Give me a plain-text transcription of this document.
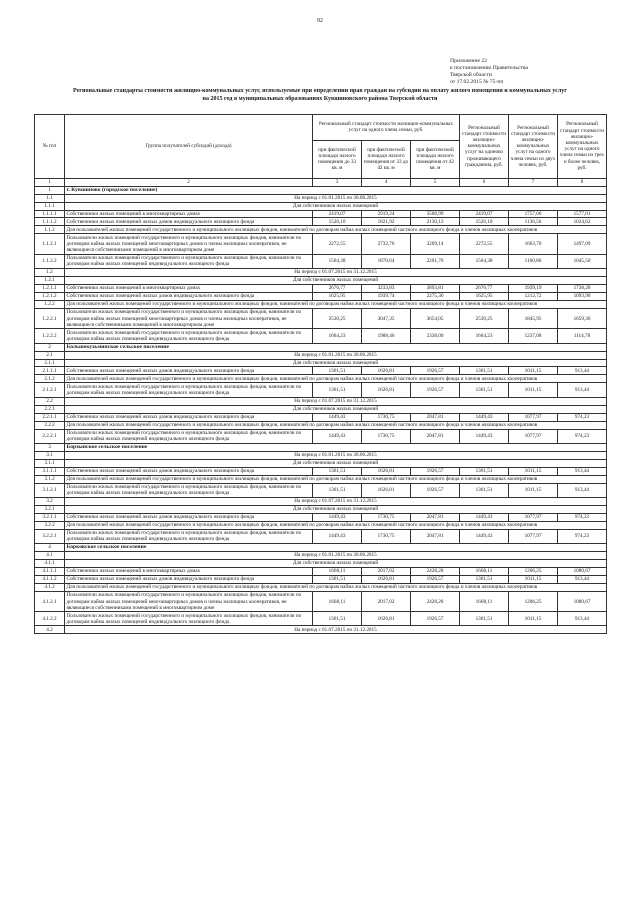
92
Приложение 22
к постановлению Правительства
Тверской области
от 17.02.2015 № 75-пп
Региональные стандарты стоимости жилищно-коммунальных услуг, используемые при определении прав граждан на субсидии на оплату жилого помещения и коммунальных услуг
на 2015 год в муниципальных образованиях Кувшиновского района Тверской области
№ п/п	Группа получателей субсидий (дохода)	Региональный стандарт стоимости жилищно-коммунальных услуг на одного члена семьи, руб.			Региональный стандарт стоимости жилищно-коммунальных услуг на одиноко проживающего гражданина, руб.	Региональный стандарт стоимости жилищно-коммунальных услуг на одного члена семьи из двух человек, руб.	Региональный стандарт стоимости жилищно-коммунальных услуг на одного члена семьи из трех и более человек, руб.
		при фактической площади жилого помещения до 33 кв. м	при фактической площади жилого помещения от 33 до 42 кв. м	при фактической площади жилого помещения от 42 кв. м			
1	2	3	4	5	6	7	8
1	г. Кувшиново (городское поселение)						
1.1	На период с 01.01.2015 по 30.06.2015						
1.1.1	Для собственников жилых помещений						
1.1.1.1	Собственники жилых помещений в многоквартирных домах	2419,07	2919,24	3508,99	2419,07	1757,00	1577,01
1.1.1.2	Собственники жилых помещений жилых домов индивидуального жилищного фонда	1526,10	1821,92	2130,12	1526,10	1136,50	1024,62
1.1.2	Для пользователей жилых помещений государственного и муниципального жилищных фондов, нанимателей по договорам найма жилых помещений частного жилищного фонда и членов жилищных кооперативов						
1.1.2.1	Пользователи жилых помещений государственного и муниципального жилищных фондов, наниматели по договорам найма жилых помещений многоквартирных домов и члены жилищных кооперативов, не являющиеся собственниками помещений в многоквартирном доме	2272,55	2732,76	3269,14	2272,55	1663,70	1497,09
1.1.2.2	Пользователи жилых помещений государственного и муниципального жилищных фондов, наниматели по договорам найма жилых помещений индивидуального жилищного фонда	1564,38	1870,64	2201,76	1564,38	1160,86	1045,50
1.2	На период с 01.07.2015 по 31.12.2015						
1.2.1	Для собственников жилых помещений						
1.2.1.1	Собственники жилых помещений в многоквартирных домах	2676,77	3233,83	3893,81	2676,77	1939,19	1738,28
1.2.1.2	Собственники жилых помещений жилых домов индивидуального жилищного фонда	1625,95	1939,74	2275,36	1625,95	1212,72	1093,90
1.2.2	Для пользователей жилых помещений государственного и муниципального жилищных фондов, нанимателей по договорам найма жилых помещений частного жилищного фонда и членов жилищных кооперативов						
1.2.2.1	Пользователи жилых помещений государственного и муниципального жилищных фондов, наниматели по договорам найма жилых помещений многоквартирных домов и члены жилищных кооперативов, не являющиеся собственниками помещений в многоквартирном доме	2530,25	3047,35	3654,05	2530,25	1845,95	1659,36
1.2.2.2	Пользователи жилых помещений государственного и муниципального жилищных фондов, наниматели по договорам найма жилых помещений индивидуального жилищного фонда	1664,23	1988,46	2338,00	1664,23	1237,08	1114,78
2	Большекузьминское сельское поселение						
2.1	На период с 01.01.2015 по 30.06.2015						
2.1.1	Для собственников жилых помещений						
2.1.1.1	Собственники жилых помещений жилых домов индивидуального жилищного фонда	1361,51	1626,81	1926,57	1361,51	1011,15	913,44
2.1.2	Для пользователей жилых помещений государственного и муниципального жилищных фондов, нанимателей по договорам найма жилых помещений частного жилищного фонда и членов жилищных кооперативов						
2.1.2.1	Пользователи жилых помещений государственного и муниципального жилищных фондов, наниматели по договорам найма жилых помещений индивидуального жилищного фонда	1361,51	1626,81	1926,57	1361,51	1011,15	913,44
2.2	На период с 01.07.2015 по 31.12.2015						
2.2.1	Для собственников жилых помещений						
2.2.1.1	Собственники жилых помещений жилых домов индивидуального жилищного фонда	1449,43	1730,75	2047,81	1449,43	1077,97	974,23
2.2.2	Для пользователей жилых помещений государственного и муниципального жилищных фондов, нанимателей по договорам найма жилых помещений частного жилищного фонда и членов жилищных кооперативов						
2.2.2.1	Пользователи жилых помещений государственного и муниципального жилищных фондов, наниматели по договорам найма жилых помещений индивидуального жилищного фонда	1449,43	1730,75	2047,81	1449,43	1077,97	974,23
3	Борзынское сельское поселение						
3.1	На период с 01.01.2015 по 30.06.2015						
3.1.1	Для собственников жилых помещений						
3.1.1.1	Собственники жилых помещений жилых домов индивидуального жилищного фонда	1361,51	1626,81	1926,57	1361,51	1011,15	913,44
3.1.2	Для пользователей жилых помещений государственного и муниципального жилищных фондов, нанимателей по договорам найма жилых помещений частного жилищного фонда и членов жилищных кооперативов						
3.1.2.1	Пользователи жилых помещений государственного и муниципального жилищных фондов, наниматели по договорам найма жилых помещений индивидуального жилищного фонда	1361,51	1626,81	1926,57	1361,51	1011,15	913,44
3.2	На период с 01.07.2015 по 31.12.2015						
3.2.1	Для собственников жилых помещений						
3.2.1.1	Собственники жилых помещений жилых домов индивидуального жилищного фонда	1449,43	1730,75	2047,81	1449,43	1077,97	974,23
3.2.2	Для пользователей жилых помещений государственного и муниципального жилищных фондов, нанимателей по договорам найма жилых помещений частного жилищного фонда и членов жилищных кооперативов						
3.2.2.1	Пользователи жилых помещений государственного и муниципального жилищных фондов, наниматели по договорам найма жилых помещений индивидуального жилищного фонда	1449,43	1730,75	2047,81	1449,43	1077,97	974,23
4	Борковское сельское поселение						
4.1	На период с 01.01.2015 по 30.06.2015						
4.1.1	Для собственников жилых помещений						
4.1.1.1	Собственники жилых помещений в многоквартирных домах	1668,11	2017,02	2428,28	1668,11	1206,25	1080,67
4.1.1.2	Собственники жилых помещений жилых домов индивидуального жилищного фонда	1361,51	1626,81	1926,57	1361,51	1011,15	913,44
4.1.2	Для пользователей жилых помещений государственного и муниципального жилищных фондов, нанимателей по договорам найма жилых помещений частного жилищного фонда и членов жилищных кооперативов						
4.1.2.1	Пользователи жилых помещений государственного и муниципального жилищных фондов, наниматели по договорам найма жилых помещений многоквартирных домов и члены жилищных кооперативов, не являющиеся собственниками помещений в многоквартирном доме	1668,11	2017,02	2428,28	1668,11	1206,25	1080,67
4.1.2.2	Пользователи жилых помещений государственного и муниципального жилищных фондов, наниматели по договорам найма жилых помещений индивидуального жилищного фонда	1361,51	1626,81	1926,57	1361,51	1011,15	913,44
4.2	На период с 01.07.2015 по 31.12.2015						
